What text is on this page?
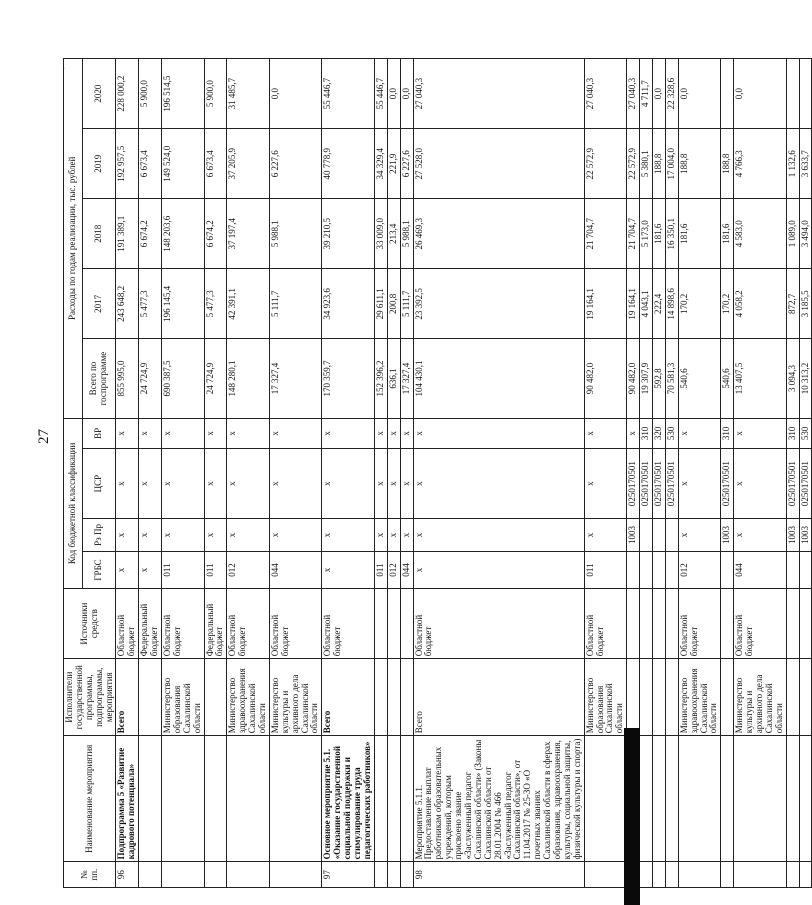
27
·
№ пп.	Наименование мероприятия	Исполнители государственной программы, подпрограммы, мероприятия	Источники средств	Код бюджетной классификации				Расходы по годам реализации, тыс. рублей				
				ГРБС	Рз Пр	ЦСР	ВР	Всего по госпрограмме	2017	2018	2019	2020
96	Подпрограмма 5 «Развитие кадрового потенциала»	Всего	Областной бюджет	х	х	х	х	855 995,0	243 648,2	191 389,1	192 957,5	228 000,2
			Федеральный бюджет	х	х	х	х	24 724,9	5 477,3	6 674,2	6 673,4	5 900,0
		Министерство образования Сахалинской области	Областной бюджет	011	х	х	х	690 387,5	196 145,4	148 203,6	149 524,0	196 514,5
			Федеральный бюджет	011	х	х	х	24 724,9	5 477,3	6 674,2	6 673,4	5 900,0
		Министерство здравоохранения Сахалинской области	Областной бюджет	012	х	х	х	148 280,1	42 391,1	37 197,4	37 205,9	31 485,7
		Министерство культуры и архивного дела Сахалинской области	Областной бюджет	044	х	х	х	17 327,4	5 111,7	5 988,1	6 227,6	0,0
97	Основное мероприятие 5.1. «Оказание государственной социальной поддержки и стимулирование труда педагогических работников»	Всего	Областной бюджет	х	х	х	х	170 359,7	34 923,6	39 210,5	40 778,9	55 446,7
				011	х	х	х	152 396,2	29 611,1	33 009,0	34 329,4	55 446,7
				012	х	х	х	636,1	200,8	213,4	221,9	0,0
				044	х	х	х	17 327,4	5 111,7	5 988,1	6 227,6	0,0
98	Мероприятие 5.1.1. Предоставление выплат работникам образовательных учреждений, которым присвоено звание «Заслуженный педагог Сахалинской области» (Законы Сахалинской области от 28.01.2004 № 466 «Заслуженный педагог Сахалинской области», от 11.04.2017 № 25-ЗО «О почетных званиях Сахалинской области в сферах образования, здравоохранения, культуры, социальной защиты, физической культуры и спорта)	Всего	Областной бюджет	х	х	х	х	104 430,1	23 392,5	26 469,3	27 528,0	27 040,3
		Министерство образования Сахалинской области	Областной бюджет	011	х	х	х	90 482,0	19 164,1	21 704,7	22 572,9	27 040,3
					1003	0250170501	х	90 482,0	19 164,1	21 704,7	22 572,9	27 040,3
						0250170501	310	19 307,9	4 043,1	5 173,0	5 380,1	4 711,7
						0250170501	320	592,8	222,4	181,6	188,8	0,0
						0250170501	530	70 581,3	14 898,6	16 350,1	17 004,0	22 328,6
		Министерство здравоохранения Сахалинской области	Областной бюджет	012	х	х	х	540,6	170,2	181,6	188,8	0,0
					1003	0250170501	310	540,6	170,2	181,6	188,8	
		Министерство культуры и архивного дела Сахалинской области	Областной бюджет	044	х	х	х	13 407,5	4 058,2	4 583,0	4 766,3	0,0
					1003	0250170501	310	3 094,3	872,7	1 089,0	1 132,6	
					1003	0250170501	530	10 313,2	3 185,5	3 494,0	3 633,7	
